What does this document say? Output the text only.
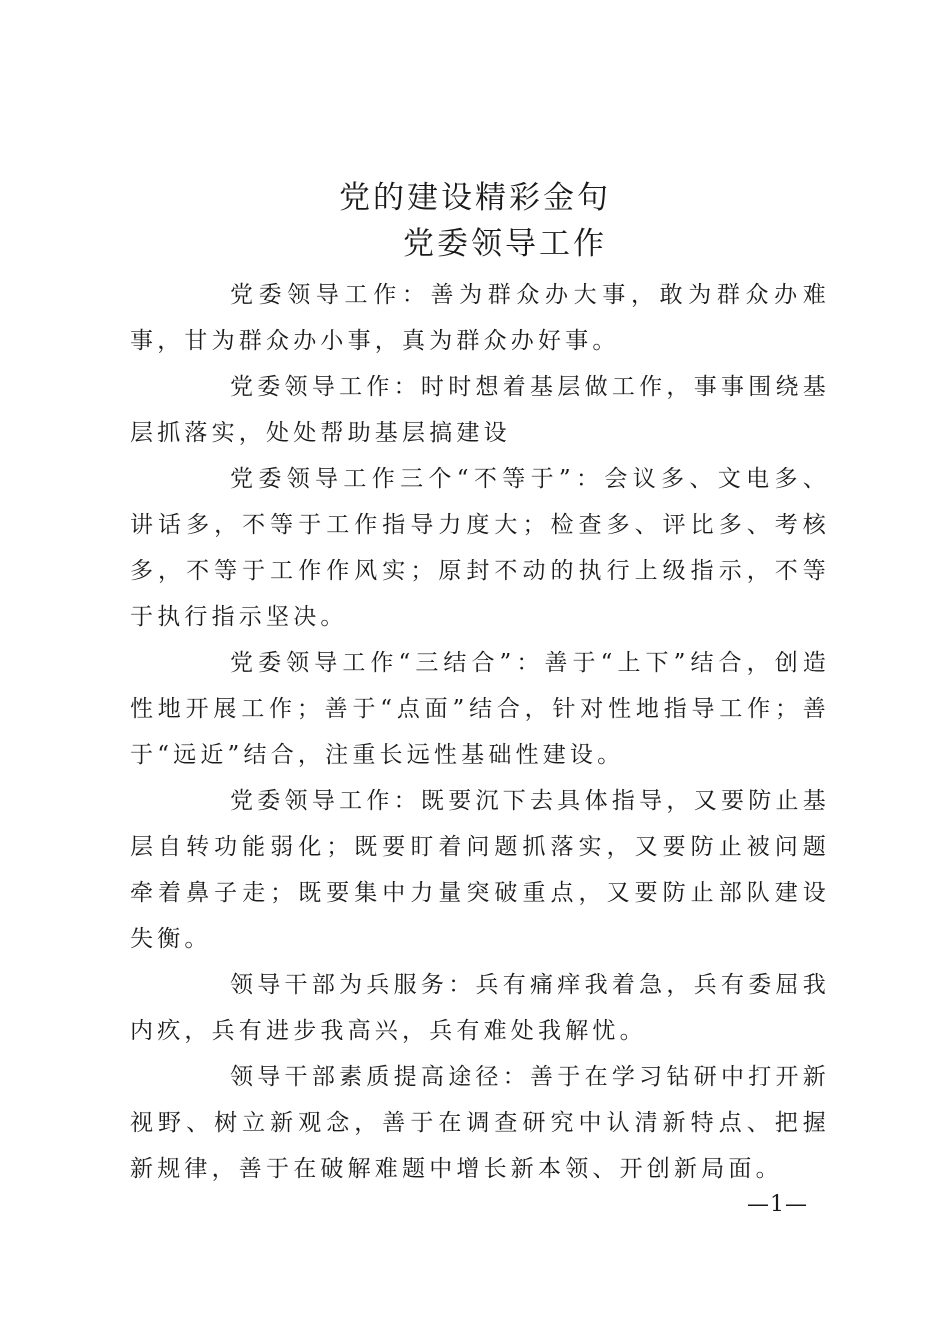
党的建设精彩金句
党委领导工作

党委领导工作：善为群众办大事，敢为群众办难事，甘为群众办小事，真为群众办好事。

党委领导工作：时时想着基层做工作，事事围绕基层抓落实，处处帮助基层搞建设

党委领导工作三个“不等于”：会议多、文电多、讲话多，不等于工作指导力度大；检查多、评比多、考核多，不等于工作作风实；原封不动的执行上级指示，不等于执行指示坚决。

党委领导工作“三结合”：善于“上下”结合，创造性地开展工作；善于“点面”结合，针对性地指导工作；善于“远近”结合，注重长远性基础性建设。

党委领导工作：既要沉下去具体指导，又要防止基层自转功能弱化；既要盯着问题抓落实，又要防止被问题牵着鼻子走；既要集中力量突破重点，又要防止部队建设失衡。

领导干部为兵服务：兵有痛痒我着急，兵有委屈我内疚，兵有进步我高兴，兵有难处我解忧。

领导干部素质提高途径：善于在学习钻研中打开新视野、树立新观念，善于在调查研究中认清新特点、把握新规律，善于在破解难题中增长新本领、开创新局面。

—1—
